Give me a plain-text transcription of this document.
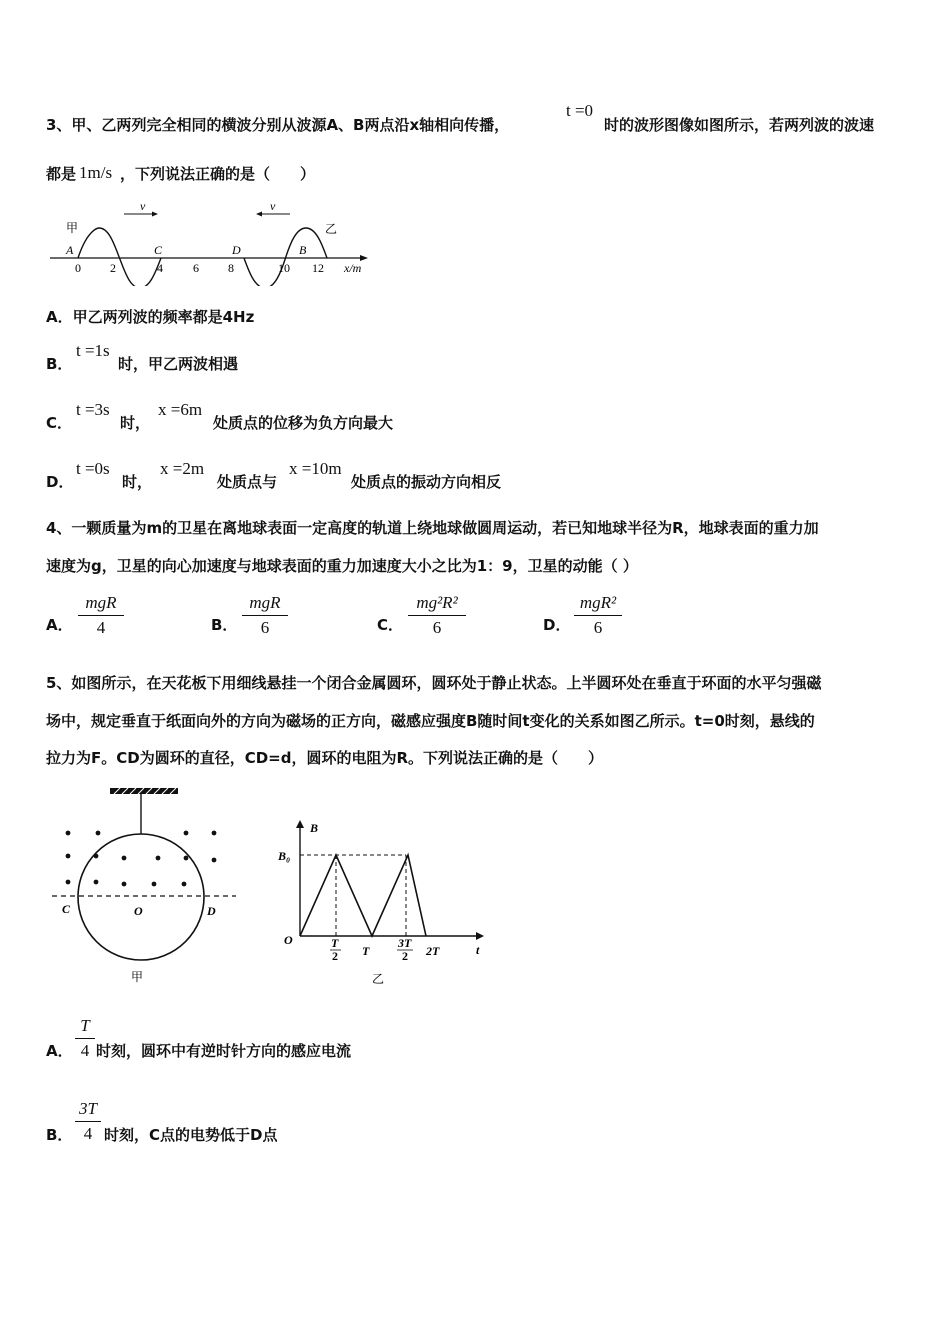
3、甲、乙两列完全相同的横波分别从波源A、B两点沿x轴相向传播，
t =0
时的波形图像如图所示，若两列波的波速
都是 1m/s ，下列说法正确的是（　　）
v	v
甲	乙
A	C	D	B
0 2	4	6 8	10 12 x/m
A．甲乙两列波的频率都是4Hz
B．
t =1s
时，甲乙两波相遇
C．
t =3s
时，
x =6m
处质点的位移为负方向最大
D．
t =0s
时，
x =2m
处质点与
x =10m
处质点的振动方向相反
4、一颗质量为m的卫星在离地球表面一定高度的轨道上绕地球做圆周运动，若已知地球半径为R，地球表面的重力加
速度为g，卫星的向心加速度与地球表面的重力加速度大小之比为1：9，卫星的动能（ ）
A．
mgR
4	B．
mgR
6	C．
mg²R²
6	D．
mgR²
6
5、如图所示，在天花板下用细线悬挂一个闭合金属圆环，圆环处于静止状态。上半圆环处在垂直于环面的水平匀强磁
场中，规定垂直于纸面向外的方向为磁场的正方向，磁感应强度B随时间t变化的关系如图乙所示。t=0时刻，悬线的
拉力为F。CD为圆环的直径，CD=d，圆环的电阻为R。下列说法正确的是（　　）
C	O	D
甲
B
B₀
O
t
T
2 T
3T
2 2T
乙
A．
T
4 时刻，圆环中有逆时针方向的感应电流
B．
3T
4 时刻，C点的电势低于D点
